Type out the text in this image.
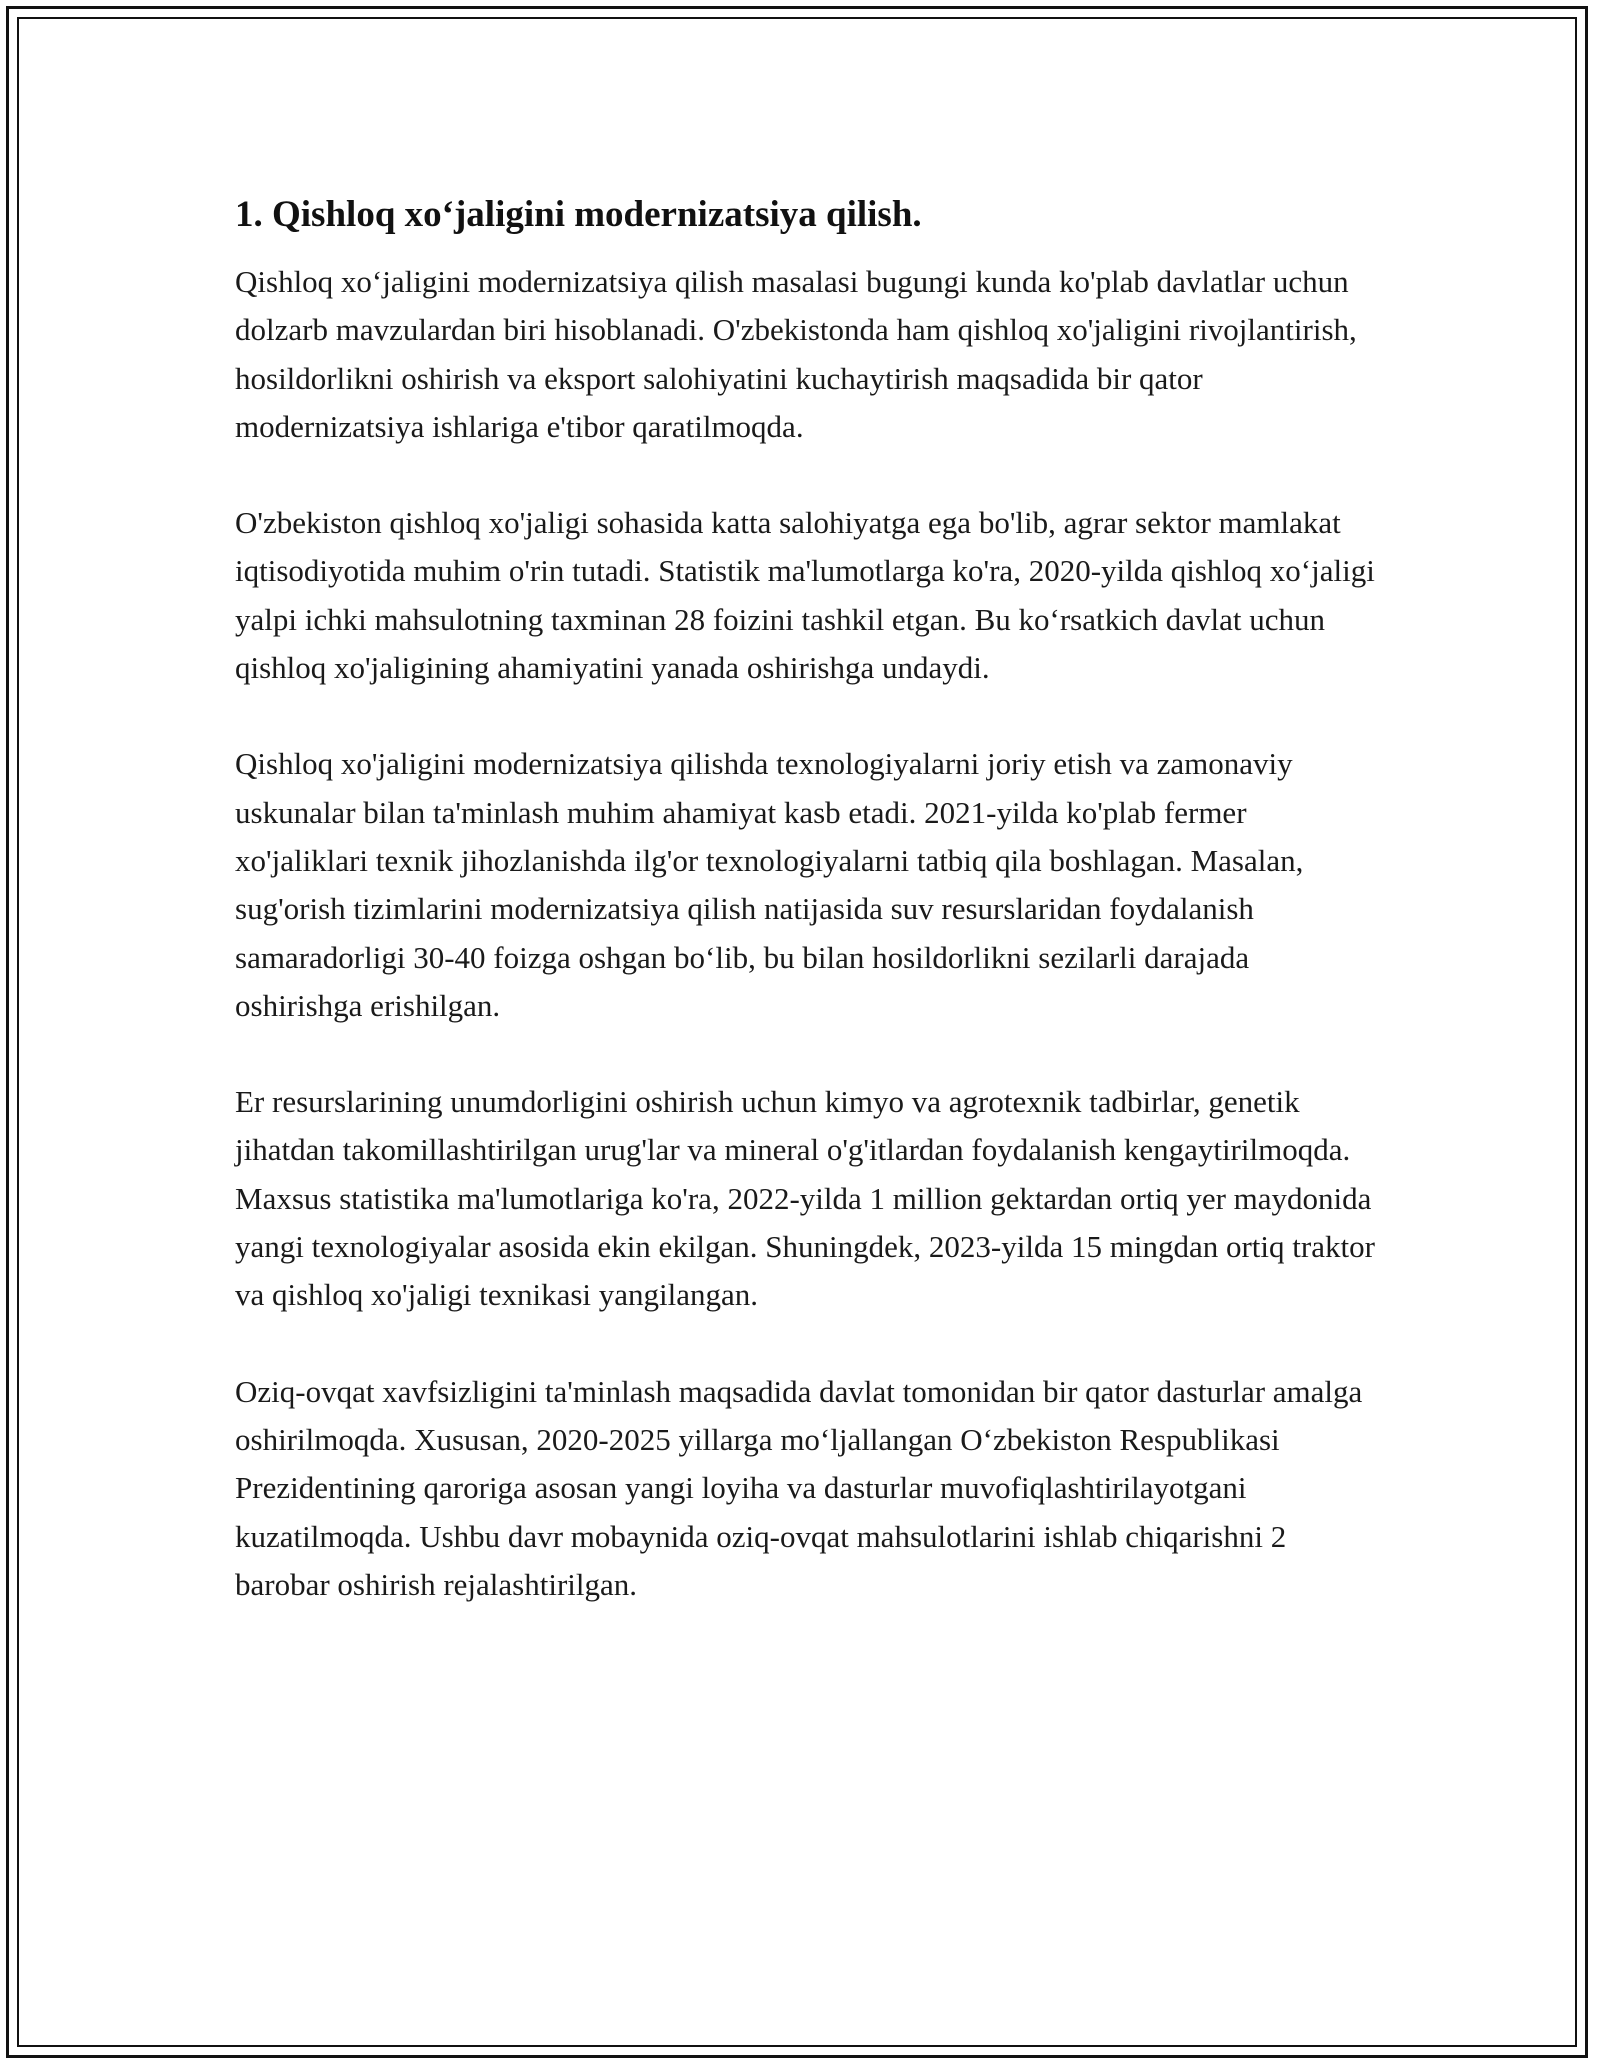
1. Qishloq xo‘jaligini modernizatsiya qilish.

Qishloq xo‘jaligini modernizatsiya qilish masalasi bugungi kunda ko'plab davlatlar uchun dolzarb mavzulardan biri hisoblanadi. O'zbekistonda ham qishloq xo'jaligini rivojlantirish, hosildorlikni oshirish va eksport salohiyatini kuchaytirish maqsadida bir qator modernizatsiya ishlariga e'tibor qaratilmoqda.

O'zbekiston qishloq xo'jaligi sohasida katta salohiyatga ega bo'lib, agrar sektor mamlakat iqtisodiyotida muhim o'rin tutadi. Statistik ma'lumotlarga ko'ra, 2020-yilda qishloq xo‘jaligi yalpi ichki mahsulotning taxminan 28 foizini tashkil etgan. Bu ko‘rsatkich davlat uchun qishloq xo'jaligining ahamiyatini yanada oshirishga undaydi.

Qishloq xo'jaligini modernizatsiya qilishda texnologiyalarni joriy etish va zamonaviy uskunalar bilan ta'minlash muhim ahamiyat kasb etadi. 2021-yilda ko'plab fermer xo'jaliklari texnik jihozlanishda ilg'or texnologiyalarni tatbiq qila boshlagan. Masalan, sug'orish tizimlarini modernizatsiya qilish natijasida suv resurslaridan foydalanish samaradorligi 30-40 foizga oshgan bo‘lib, bu bilan hosildorlikni sezilarli darajada oshirishga erishilgan.

Er resurslarining unumdorligini oshirish uchun kimyo va agrotexnik tadbirlar, genetik jihatdan takomillashtirilgan urug'lar va mineral o'g'itlardan foydalanish kengaytirilmoqda. Maxsus statistika ma'lumotlariga ko'ra, 2022-yilda 1 million gektardan ortiq yer maydonida yangi texnologiyalar asosida ekin ekilgan. Shuningdek, 2023-yilda 15 mingdan ortiq traktor va qishloq xo'jaligi texnikasi yangilangan.

Oziq-ovqat xavfsizligini ta'minlash maqsadida davlat tomonidan bir qator dasturlar amalga oshirilmoqda. Xususan, 2020-2025 yillarga mo‘ljallangan O‘zbekiston Respublikasi Prezidentining qaroriga asosan yangi loyiha va dasturlar muvofiqlashtirilayotgani kuzatilmoqda. Ushbu davr mobaynida oziq-ovqat mahsulotlarini ishlab chiqarishni 2 barobar oshirish rejalashtirilgan.
